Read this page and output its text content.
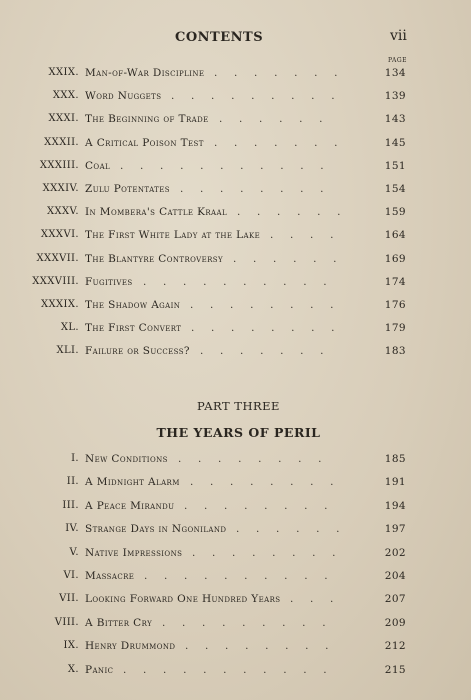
CONTENTS	vii
PAGE
XXIX. Man-of-War Discipline .     .     .     .     .     .     .	134
XXX. Word Nuggets .     .     .     .     .     .     .     .     .	139
XXXI. The Beginning of Trade .     .     .     .     .     .	143
XXXII. A Critical Poison Test .     .     .     .     .     .     .	145
XXXIII. Coal .     .     .     .     .     .     .     .     .     .     .	151
XXXIV. Zulu Potentates .     .     .     .     .     .     .     .	154
XXXV. In Mombera's Cattle Kraal .     .     .     .     .     .	159
XXXVI. The First White Lady at the Lake .     .     .     .	164
XXXVII. The Blantyre Controversy .     .     .     .     .     .	169
XXXVIII. Fugitives .     .     .     .     .     .     .     .     .     .	174
XXXIX. The Shadow Again .     .     .     .     .     .     .     .	176
XL. The First Convert .     .     .     .     .     .     .     .	179
XLI. Failure or Success? .     .     .     .     .     .     .	183
PART THREE
THE YEARS OF PERIL
I. New Conditions .     .     .     .     .     .     .     .	185
II. A Midnight Alarm .     .     .     .     .     .     .     .	191
III. A Peace Mirandu .     .     .     .     .     .     .     .	194
IV. Strange Days in Ngoniland .     .     .     .     .     .	197
V. Native Impressions .     .     .     .     .     .     .     .	202
VI. Massacre .     .     .     .     .     .     .     .     .     .	204
VII. Looking Forward One Hundred Years .     .     .	207
VIII. A Bitter Cry .     .     .     .     .     .     .     .     .	209
IX. Henry Drummond .     .     .     .     .     .     .     .	212
X. Panic .     .     .     .     .     .     .     .     .     .     .	215
